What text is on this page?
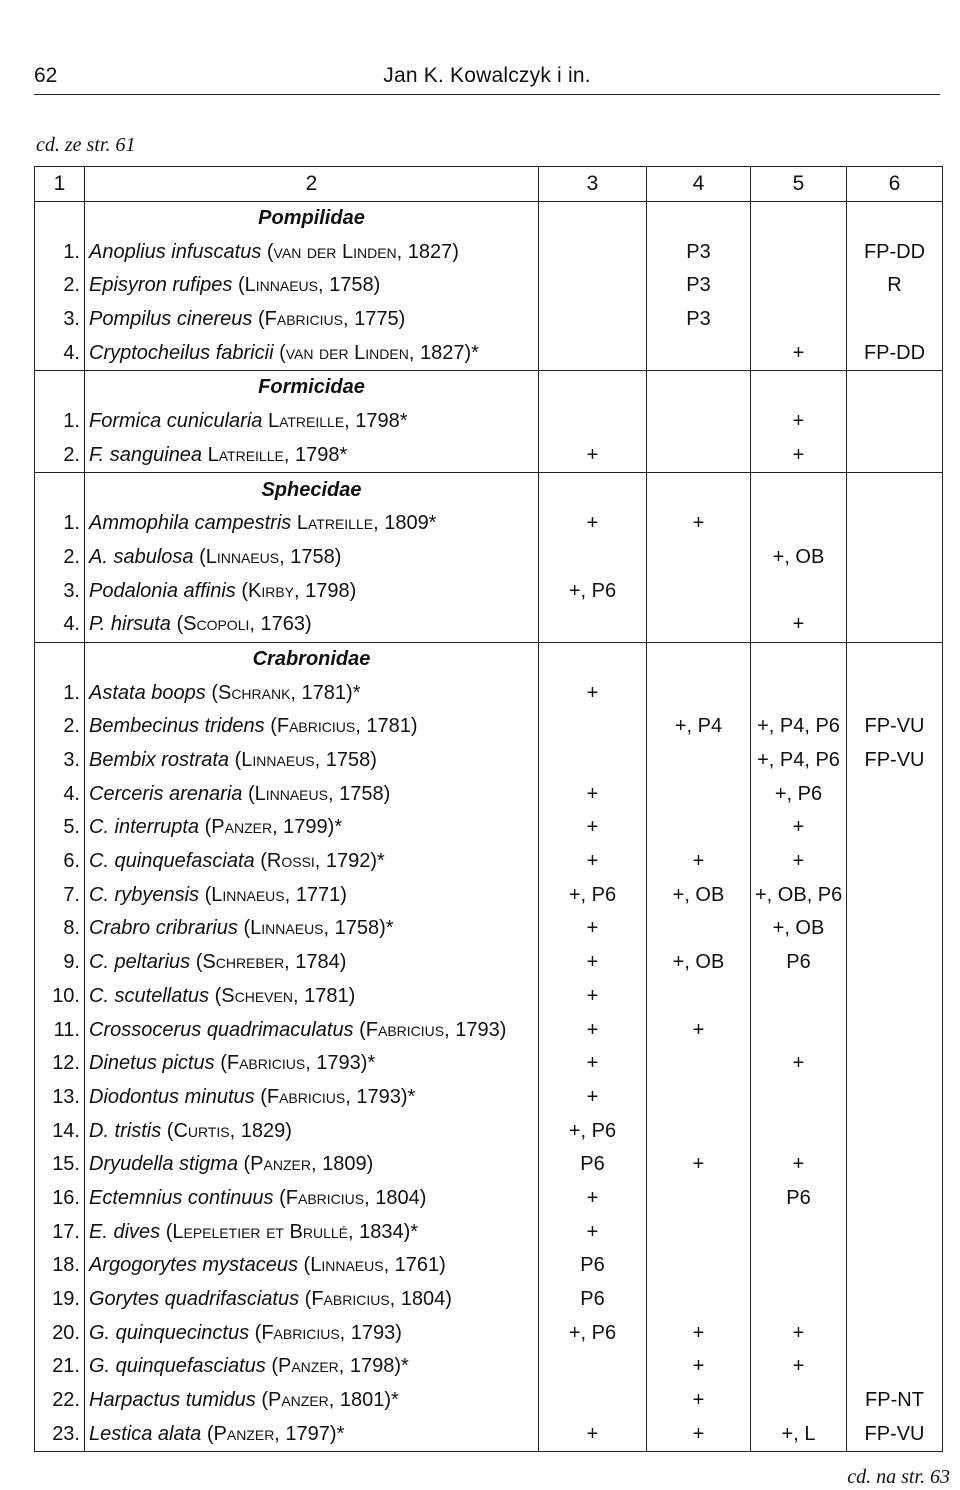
62	Jan K. Kowalczyk i in.
cd. ze str. 61
1	2	3	4	5	6
	Pompilidae				
1.	Anoplius infuscatus (van der Linden, 1827)		P3		FP-DD
2.	Episyron rufipes (Linnaeus, 1758)		P3		R
3.	Pompilus cinereus (Fabricius, 1775)		P3		
4.	Cryptocheilus fabricii (van der Linden, 1827)*			+	FP-DD
	Formicidae				
1.	Formica cunicularia Latreille, 1798*			+	
2.	F. sanguinea Latreille, 1798*	+		+	
	Sphecidae				
1.	Ammophila campestris Latreille, 1809*	+	+		
2.	A. sabulosa (Linnaeus, 1758)			+, OB	
3.	Podalonia affinis (Kirby, 1798)	+, P6			
4.	P. hirsuta (Scopoli, 1763)			+	
	Crabronidae				
1.	Astata boops (Schrank, 1781)*	+			
2.	Bembecinus tridens (Fabricius, 1781)		+, P4	+, P4, P6	FP-VU
3.	Bembix rostrata (Linnaeus, 1758)			+, P4, P6	FP-VU
4.	Cerceris arenaria (Linnaeus, 1758)	+		+, P6	
5.	C. interrupta (Panzer, 1799)*	+		+	
6.	C. quinquefasciata (Rossi, 1792)*	+	+	+	
7.	C. rybyensis (Linnaeus, 1771)	+, P6	+, OB	+, OB, P6	
8.	Crabro cribrarius (Linnaeus, 1758)*	+		+, OB	
9.	C. peltarius (Schreber, 1784)	+	+, OB	P6	
10.	C. scutellatus (Scheven, 1781)	+			
11.	Crossocerus quadrimaculatus (Fabricius, 1793)	+	+		
12.	Dinetus pictus (Fabricius, 1793)*	+		+	
13.	Diodontus minutus (Fabricius, 1793)*	+			
14.	D. tristis (Curtis, 1829)	+, P6			
15.	Dryudella stigma (Panzer, 1809)	P6	+	+	
16.	Ectemnius continuus (Fabricius, 1804)	+		P6	
17.	E. dives (Lepeletier et Brullé, 1834)*	+			
18.	Argogorytes mystaceus (Linnaeus, 1761)	P6			
19.	Gorytes quadrifasciatus (Fabricius, 1804)	P6			
20.	G. quinquecinctus (Fabricius, 1793)	+, P6	+	+	
21.	G. quinquefasciatus (Panzer, 1798)*		+	+	
22.	Harpactus tumidus (Panzer, 1801)*		+		FP-NT
23.	Lestica alata (Panzer, 1797)*	+	+	+, L	FP-VU
cd. na str. 63
